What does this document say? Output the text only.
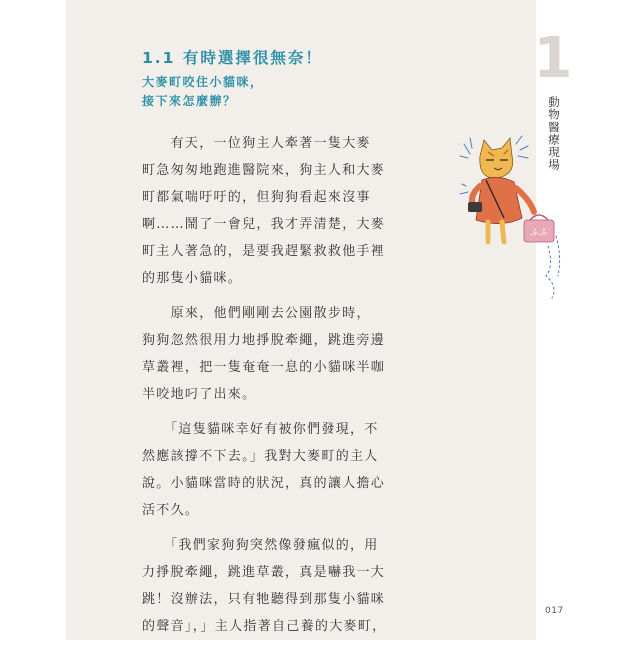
1
動物醫療現場
1.1 有時選擇很無奈！
大麥町咬住小貓咪，
接下來怎麼辦？

　　有天，一位狗主人牽著一隻大麥
町急匆匆地跑進醫院來，狗主人和大麥
町都氣喘吁吁的，但狗狗看起來沒事
啊……鬧了一會兒，我才弄清楚，大麥
町主人著急的，是要我趕緊救救他手裡
的那隻小貓咪。

　　原來，他們剛剛去公園散步時，
狗狗忽然很用力地掙脫牽繩，跳進旁邊
草叢裡，把一隻奄奄一息的小貓咪半咖
半咬地叼了出來。

　　「這隻貓咪幸好有被你們發現，不
然應該撐不下去。」我對大麥町的主人
說。小貓咪當時的狀況，真的讓人擔心
活不久。

　　「我們家狗狗突然像發瘋似的，用
力掙脫牽繩，跳進草叢，真是嚇我一大
跳！沒辦法，只有牠聽得到那隻小貓咪
的聲音」，」主人指著自己養的大麥町，

ふふ
017
